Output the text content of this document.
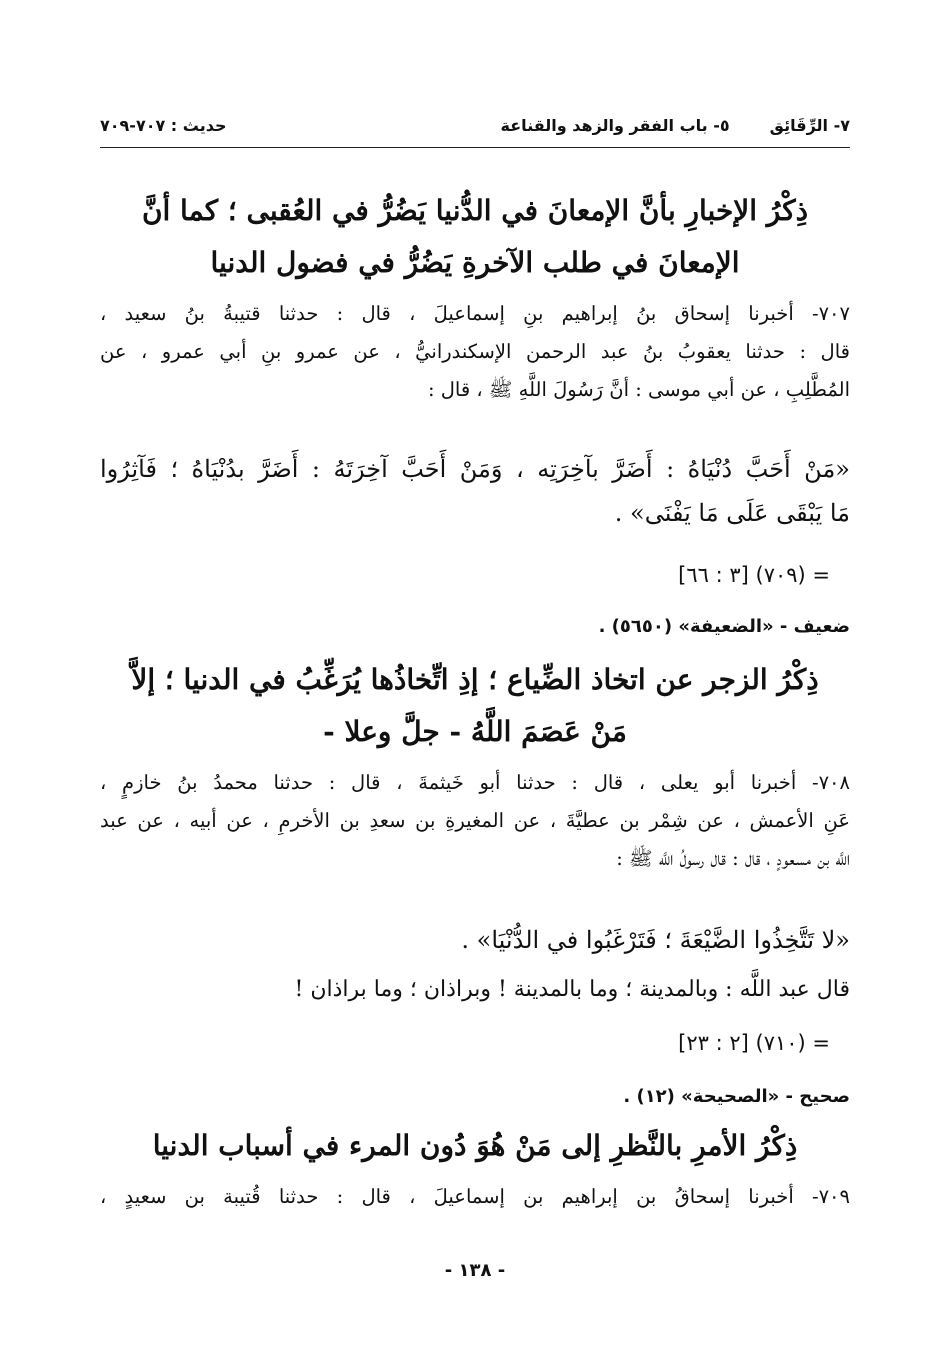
٧- الرِّقَائِق
٥- باب الفقر والزهد والقناعة
حديث : ٧٠٧-٧٠٩
ذِكْرُ الإخبارِ بأنَّ الإمعانَ في الدُّنيا يَضُرُّ في العُقبى ؛ كما أنَّ
الإمعانَ في طلب الآخرةِ يَضُرُّ في فضول الدنيا
٧٠٧- أخبرنا إسحاق بنُ إبراهيم بنِ إسماعيلَ ، قال : حدثنا قتيبةُ بنُ سعيد ،
قال : حدثنا يعقوبُ بنُ عبد الرحمن الإسكندرانيُّ ، عن عمرو بنِ أبي عمرو ، عن
المُطَّلِبِ ، عن أبي موسى : أنَّ رَسُولَ اللَّهِ ﷺ ، قال :
«مَنْ أَحَبَّ دُنْيَاهُ : أَضَرَّ بآخِرَتِه ، وَمَنْ أَحَبَّ آخِرَتَهُ : أَضَرَّ بدُنْيَاهُ ؛ فَآثِرُوا
مَا يَبْقَى عَلَى مَا يَفْنَى» .
= (٧٠٩) [٣ : ٦٦]
ضعيف - «الضعيفة» (٥٦٥٠) .
ذِكْرُ الزجر عن اتخاذ الضِّياع ؛ إذِ اتِّخاذُها يُرَغِّبُ في الدنيا ؛ إلاَّ
مَنْ عَصَمَ اللَّهُ - جلَّ وعلا -
٧٠٨- أخبرنا أبو يعلى ، قال : حدثنا أبو خَيثمةَ ، قال : حدثنا محمدُ بنُ خازمٍ ،
عَنِ الأعمش ، عن شِمْر بن عطيَّةَ ، عن المغيرةِ بن سعدِ بن الأخرمِ ، عن أبيه ، عن عبد
اللَّه بن مسعودٍ ، قال : قال رسولُ اللَّه ﷺ :
«لا تَتَّخِذُوا الضَّيْعَةَ ؛ فَتَرْغَبُوا في الدُّنْيَا» .
قال عبد اللَّه : وبالمدينة ؛ وما بالمدينة ! وبراذان ؛ وما براذان !
= (٧١٠) [٢ : ٢٣]
صحيح - «الصحيحة» (١٢) .
ذِكْرُ الأمرِ بالنَّظرِ إلى مَنْ هُوَ دُون المرء في أسباب الدنيا
٧٠٩- أخبرنا إسحاقُ بن إبراهيم بن إسماعيلَ ، قال : حدثنا قُتيبة بن سعيدٍ ،
- ١٣٨ -
